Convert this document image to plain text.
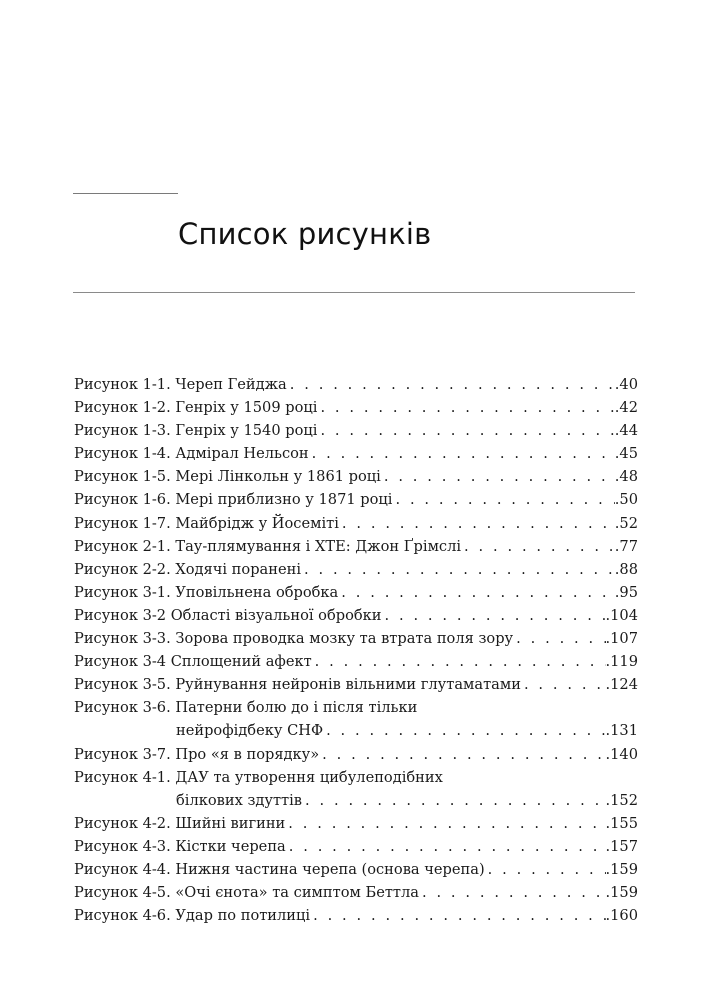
Список рисунків
Рисунок 1-1. Череп Гейджа . . .	.40
Рисунок 1-2. Генріх у 1509 році . . .	.42
Рисунок 1-3. Генріх у 1540 році . . .	.44
Рисунок 1-4. Адмірал Нельсон . . .	.45
Рисунок 1-5. Мері Лінкольн у 1861 році . . .	.48
Рисунок 1-6. Мері приблизно у 1871 році . . .	.50
Рисунок 1-7. Майбрідж у Йосеміті . . .	.52
Рисунок 2-1. Тау-плямування і ХТЕ: Джон Ґрімслі . . .	.77
Рисунок 2-2. Ходячі поранені . . .	.88
Рисунок 3-1. Уповільнена обробка . . .	.95
Рисунок 3-2 Області візуальної обробки . . .	.104
Рисунок 3-3. Зорова проводка мозку та втрата поля зору . . .	.107
Рисунок 3-4 Сплощений афект . . .	.119
Рисунок 3-5. Руйнування нейронів вільними глутаматами . . .	.124
Рисунок 3-6. Патерни болю до і після тільки
нейрофідбеку СНФ . . .	.131
Рисунок 3-7. Про «я в порядку» . . .	.140
Рисунок 4-1. ДАУ та утворення цибулеподібних
білкових здуттів . . .	.152
Рисунок 4-2. Шийні вигини . . .	.155
Рисунок 4-3. Кістки черепа . . .	.157
Рисунок 4-4. Нижня частина черепа (основа черепа) . . .	.159
Рисунок 4-5. «Очі єнота» та симптом Беттла . . .	.159
Рисунок 4-6. Удар по потилиці . . .	.160
